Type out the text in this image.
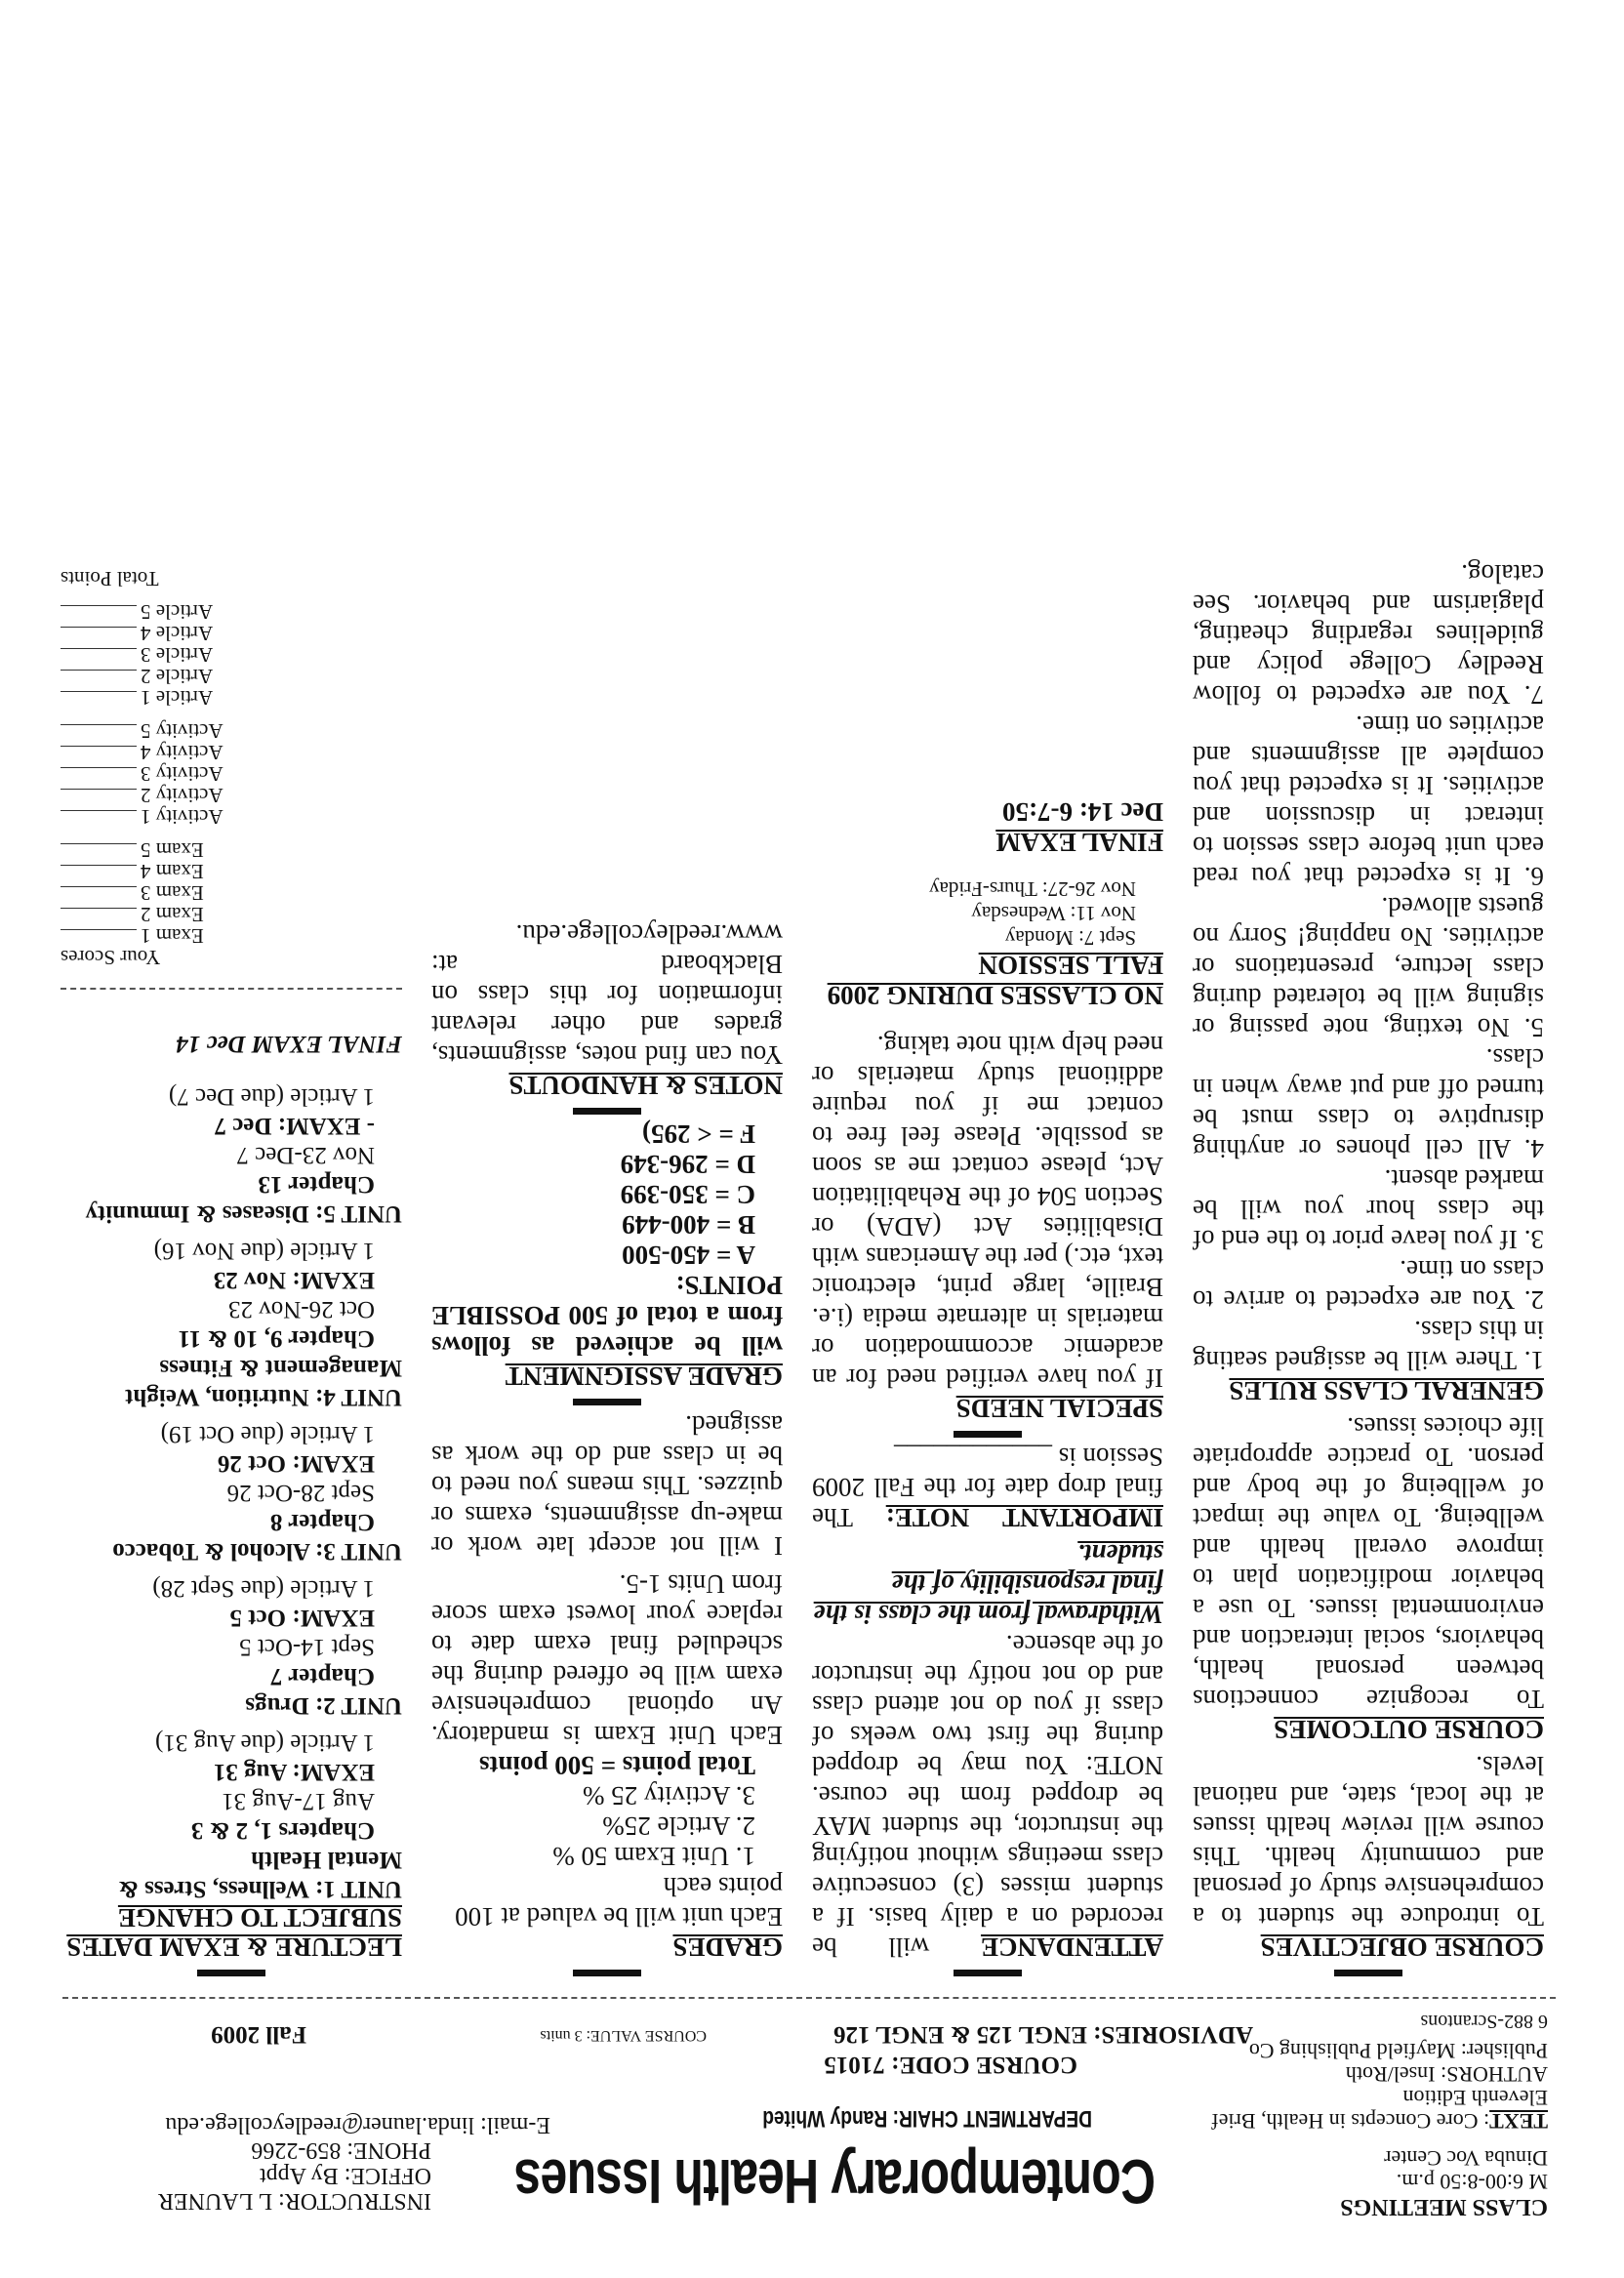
CLASS MEETINGS
M 6:00-8:50 p.m.
Dinuba Voc Center
TEXT: Core Concepts in Health, Brief
Eleventh Edition
AUTHORS: Insel/Roth
Publisher: Mayfield Publishing Co
6 882-Scrantons
Contemporary Health Issues
DEPARTMENT CHAIR: Randy Whited
COURSE CODE: 71015
ADVISORIES: ENGL 125 & ENGL 126
COURSE VALUE: 3 units
Fall 2009
INSTRUCTOR: L LAUNER
OFFICE: By Appt
PHONE: 859-2266
E-mail: linda.launer@reedleycollege.edu

COURSE OBJECTIVES

To introduce the student to a comprehensive study of personal and community health. This course will review health issues at the local, state, and national levels.

COURSE OUTCOMES

To recognize connections between personal health, behaviors, social interaction and environmental issues. To use a behavior modification plan to improve overall health and wellbeing. To value the impact of wellbeing of the body and person. To practice appropriate life choices issues.

GENERAL CLASS RULES

1. There will be assigned seating in this class.

2. You are expected to arrive to class on time.

3. If you leave prior to the end of the class hour you will be marked absent.

4. All cell phones or anything disruptive to class must be turned off and put away when in class.

5. No texting, note passing or signing will be tolerated during class lecture, presentations or activities. No napping! Sorry no guests allowed.

6. It is expected that you read each unit before class session to interact in discussion and activities. It is expected that you complete all assignments and activities on time.

7. You are expected to follow Reedley College policy and guidelines regarding cheating, plagiarism and behavior. See catalog.

ATTENDANCE will be recorded on a daily basis. If a student misses (3) consecutive class meetings without notifying the instructor, the student MAY be dropped from the course. NOTE: You may be dropped during the first two weeks of class if you do not attend class and do not notify the instructor of the absence.

Withdrawal from the class is the final responsibility of the student.

IMPORTANT NOTE: The final drop date for the Fall 2009 Session is ____________

SPECIAL NEEDS

If you have verified need for an academic accommodation or materials in alternate media (i.e. Braille, large print, electronic text, etc.) per the Americans with Disabilities Act (ADA) or Section 504 of the Rehabilitation Act, please contact me as soon as possible. Please feel free to contact me if you require additional study materials or need help with note taking.

NO CLASSES DURING 2009 FALL SESSION

Sept 7: Monday

Nov 11: Wednesday

Nov 26-27: Thurs-Friday

FINAL EXAM

Dec 14: 6-7:50

GRADES

Each unit will be valued at 100 points each

1. Unit Exam 50 %

2. Article 25%

3. Activity 25 %

Total points = 500 points

Each Unit Exam is mandatory. An optional comprehensive exam will be offered during the scheduled final exam date to replace your lowest exam score from Units 1-5.

I will not accept late work or make-up assignments, exams or quizzes. This means you need to be in class and do the work as assigned.

GRADE ASSIGNMENT

will be achieved as follows from a total of 500 POSSIBLE POINTS:

A = 450-500

B = 400-449

C = 350-399

D = 296-349

F = < 295)

NOTES & HANDOUTS

You can find notes, assignments, grades and other relevant information for this class on Blackboard at: www.reedleycollege.edu.

LECTURE & EXAM DATES SUBJECT TO CHANGE

UNIT 1: Wellness, Stress & Mental Health

Chapters 1, 2 & 3

Aug 17-Aug 31

EXAM: Aug 31

1 Article (due Aug 31)

UNIT 2: Drugs

Chapter 7

Sept 14-Oct 5

EXAM: Oct 5

1 Article (due Sept 28)

UNIT 3: Alcohol & Tobacco

Chapter 8

Sept 28-Oct 26

EXAM: Oct 26

1 Article (due Oct 19)

UNIT 4: Nutrition, Weight Management & Fitness

Chapter 9, 10 & 11

Oct 26-Nov 23

EXAM: Nov 23

1 Article (due Nov 16)

UNIT 5: Diseases & Immunity

Chapter 13

Nov 23-Dec 7

- EXAM: Dec 7

1 Article (due Dec 7)

FINAL EXAM Dec 14

Your Scores

Exam 1

Exam 2

Exam 3

Exam 4

Exam 5

Activity 1

Activity 2

Activity 3

Activity 4

Activity 5

Article 1

Article 2

Article 3

Article 4

Article 5

Total Points
